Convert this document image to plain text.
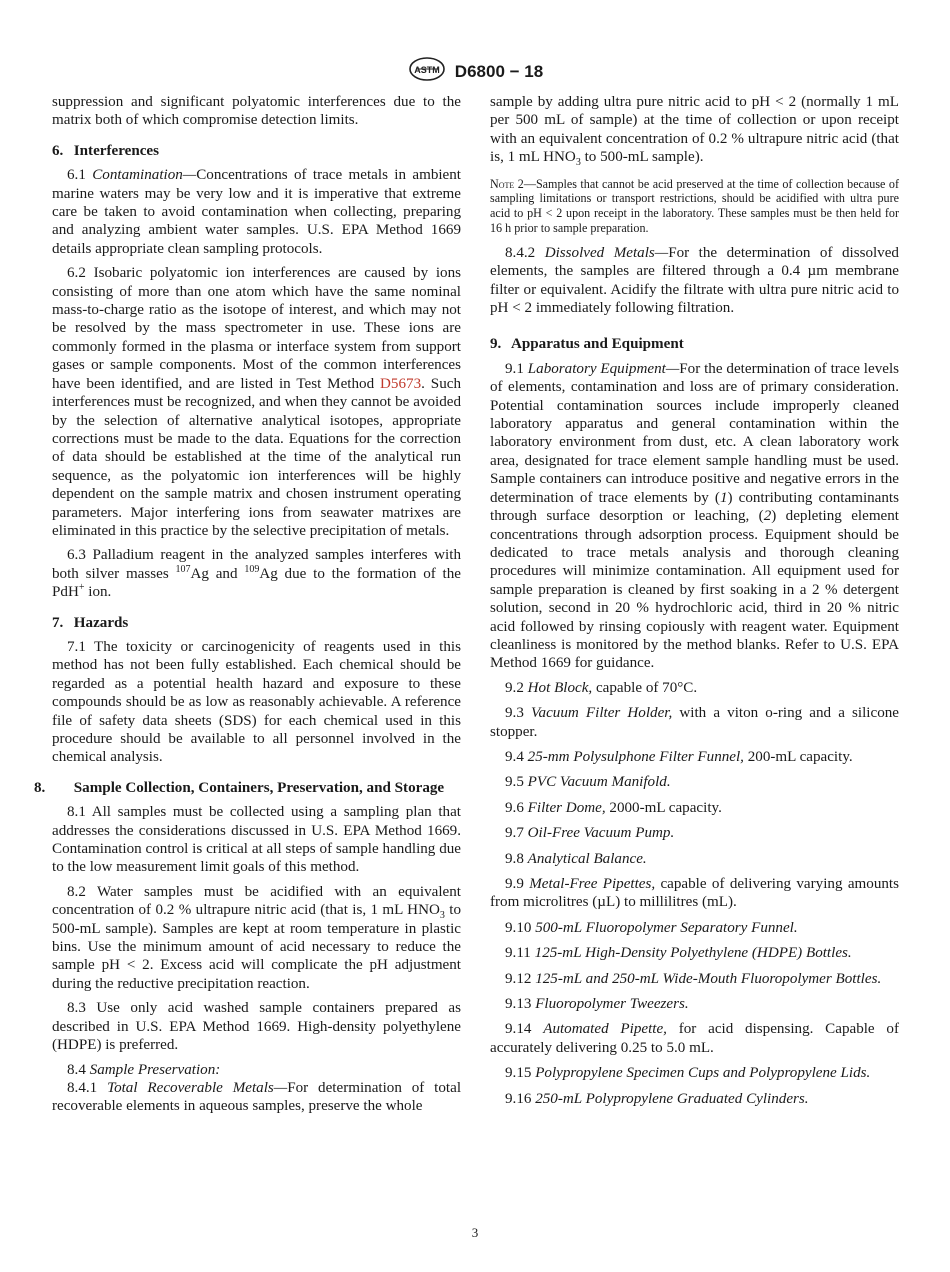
ASTM D6800 − 18

suppression and significant polyatomic interferences due to the matrix both of which compromise detection limits.

6. Interferences

6.1 Contamination—Concentrations of trace metals in ambient marine waters may be very low and it is imperative that extreme care be taken to avoid contamination when collecting, preparing and analyzing ambient water samples. U.S. EPA Method 1669 details appropriate clean sampling protocols.

6.2 Isobaric polyatomic ion interferences are caused by ions consisting of more than one atom which have the same nominal mass-to-charge ratio as the isotope of interest, and which may not be resolved by the mass spectrometer in use. These ions are commonly formed in the plasma or interface system from support gases or sample components. Most of the common interferences have been identified, and are listed in Test Method D5673. Such interferences must be recognized, and when they cannot be avoided by the selection of alternative analytical isotopes, appropriate corrections must be made to the data. Equations for the correction of data should be established at the time of the analytical run sequence, as the polyatomic ion interferences will be highly dependent on the sample matrix and chosen instrument operating parameters. Major interfering ions from seawater matrixes are eliminated in this practice by the selective precipitation of metals.

6.3 Palladium reagent in the analyzed samples interferes with both silver masses $^{107}$Ag and $^{109}$Ag due to the formation of the PdH+ ion.

7. Hazards

7.1 The toxicity or carcinogenicity of reagents used in this method has not been fully established. Each chemical should be regarded as a potential health hazard and exposure to these compounds should be as low as reasonably achievable. A reference file of safety data sheets (SDS) for each chemical used in this procedure should be available to all personnel involved in the chemical analysis.

8. Sample Collection, Containers, Preservation, and Storage

8.1 All samples must be collected using a sampling plan that addresses the considerations discussed in U.S. EPA Method 1669. Contamination control is critical at all steps of sample handling due to the low measurement limit goals of this method.

8.2 Water samples must be acidified with an equivalent concentration of 0.2 % ultrapure nitric acid (that is, 1 mL $HNO_3$ to 500-mL sample). Samples are kept at room temperature in plastic bins. Use the minimum amount of acid necessary to reduce the sample pH < 2. Excess acid will complicate the pH adjustment during the reductive precipitation reaction.

8.3 Use only acid washed sample containers prepared as described in U.S. EPA Method 1669. High-density polyethylene (HDPE) is preferred.

8.4 Sample Preservation:

8.4.1 Total Recoverable Metals—For determination of total recoverable elements in aqueous samples, preserve the whole

sample by adding ultra pure nitric acid to pH < 2 (normally 1 mL per 500 mL of sample) at the time of collection or upon receipt with an equivalent concentration of 0.2 % ultrapure nitric acid (that is, 1 mL $HNO_3$ to 500-mL sample).

Note 2—Samples that cannot be acid preserved at the time of collection because of sampling limitations or transport restrictions, should be acidified with ultra pure acid to pH < 2 upon receipt in the laboratory. These samples must be then held for 16 h prior to sample preparation.

8.4.2 Dissolved Metals—For the determination of dissolved elements, the samples are filtered through a 0.4 µm membrane filter or equivalent. Acidify the filtrate with ultra pure nitric acid to pH < 2 immediately following filtration.

9. Apparatus and Equipment

9.1 Laboratory Equipment—For the determination of trace levels of elements, contamination and loss are of primary consideration. Potential contamination sources include improperly cleaned laboratory apparatus and general contamination within the laboratory environment from dust, etc. A clean laboratory work area, designated for trace element sample handling must be used. Sample containers can introduce positive and negative errors in the determination of trace elements by (1) contributing contaminants through surface desorption or leaching, (2) depleting element concentrations through adsorption process. Equipment should be dedicated to trace metals analysis and thorough cleaning procedures will minimize contamination. All equipment used for sample preparation is cleaned by first soaking in a 2 % detergent solution, second in 20 % hydrochloric acid, third in 20 % nitric acid followed by rinsing copiously with reagent water. Equipment cleanliness is monitored by the method blanks. Refer to U.S. EPA Method 1669 for guidance.

9.2 Hot Block, capable of 70°C.

9.3 Vacuum Filter Holder, with a viton o-ring and a silicone stopper.

9.4 25-mm Polysulphone Filter Funnel, 200-mL capacity.

9.5 PVC Vacuum Manifold.

9.6 Filter Dome, 2000-mL capacity.

9.7 Oil-Free Vacuum Pump.

9.8 Analytical Balance.

9.9 Metal-Free Pipettes, capable of delivering varying amounts from microlitres (µL) to millilitres (mL).

9.10 500-mL Fluoropolymer Separatory Funnel.

9.11 125-mL High-Density Polyethylene (HDPE) Bottles.

9.12 125-mL and 250-mL Wide-Mouth Fluoropolymer Bottles.

9.13 Fluoropolymer Tweezers.

9.14 Automated Pipette, for acid dispensing. Capable of accurately delivering 0.25 to 5.0 mL.

9.15 Polypropylene Specimen Cups and Polypropylene Lids.

9.16 250-mL Polypropylene Graduated Cylinders.

3
